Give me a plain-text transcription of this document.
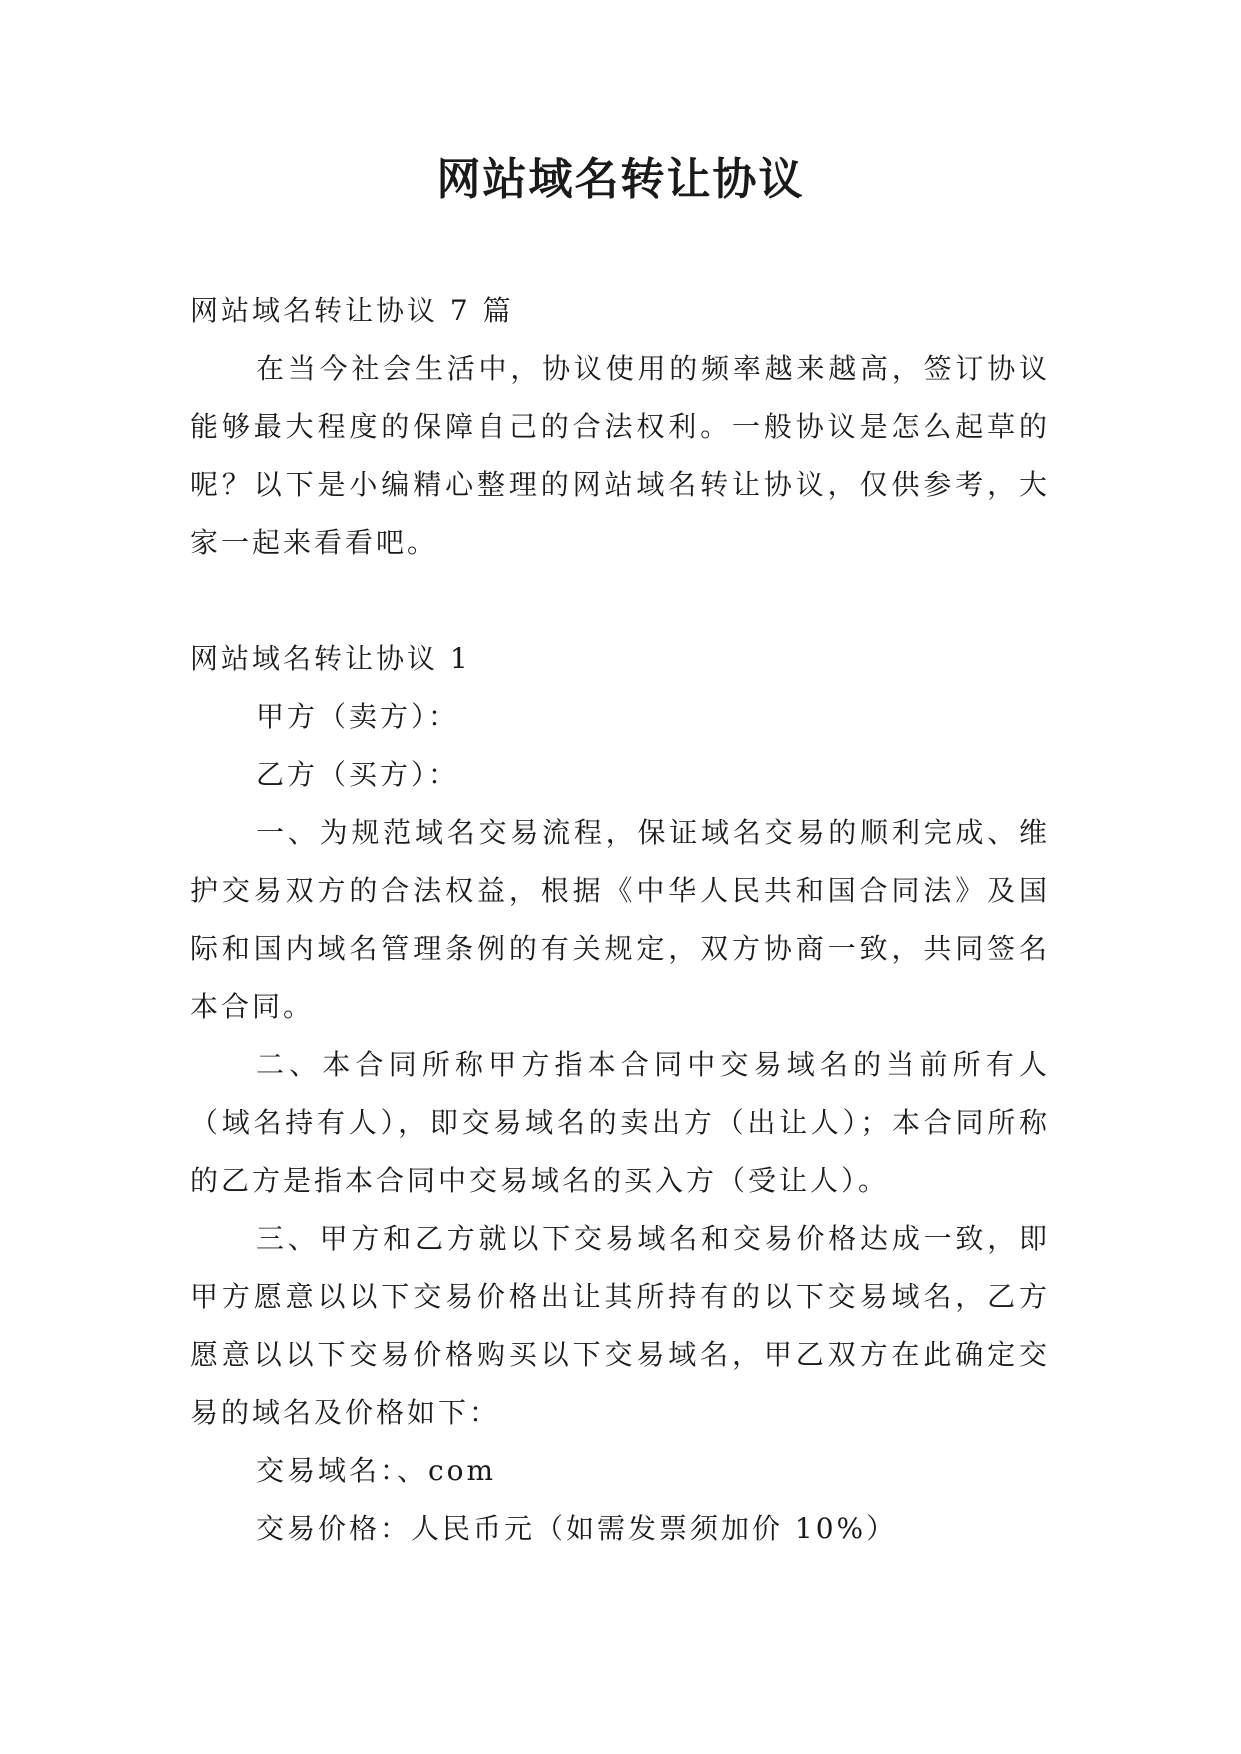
网站域名转让协议

网站域名转让协议 7 篇

在当今社会生活中，协议使用的频率越来越高，签订协议能够最大程度的保障自己的合法权利。一般协议是怎么起草的呢？以下是小编精心整理的网站域名转让协议，仅供参考，大家一起来看看吧。

网站域名转让协议 1

甲方（卖方）：

乙方（买方）：

一、为规范域名交易流程，保证域名交易的顺利完成、维护交易双方的合法权益，根据《中华人民共和国合同法》及国际和国内域名管理条例的有关规定，双方协商一致，共同签名本合同。

二、本合同所称甲方指本合同中交易域名的当前所有人（域名持有人），即交易域名的卖出方（出让人）；本合同所称的乙方是指本合同中交易域名的买入方（受让人）。

三、甲方和乙方就以下交易域名和交易价格达成一致，即甲方愿意以以下交易价格出让其所持有的以下交易域名，乙方愿意以以下交易价格购买以下交易域名，甲乙双方在此确定交易的域名及价格如下：

交易域名：、com

交易价格：人民币元（如需发票须加价 10%）
